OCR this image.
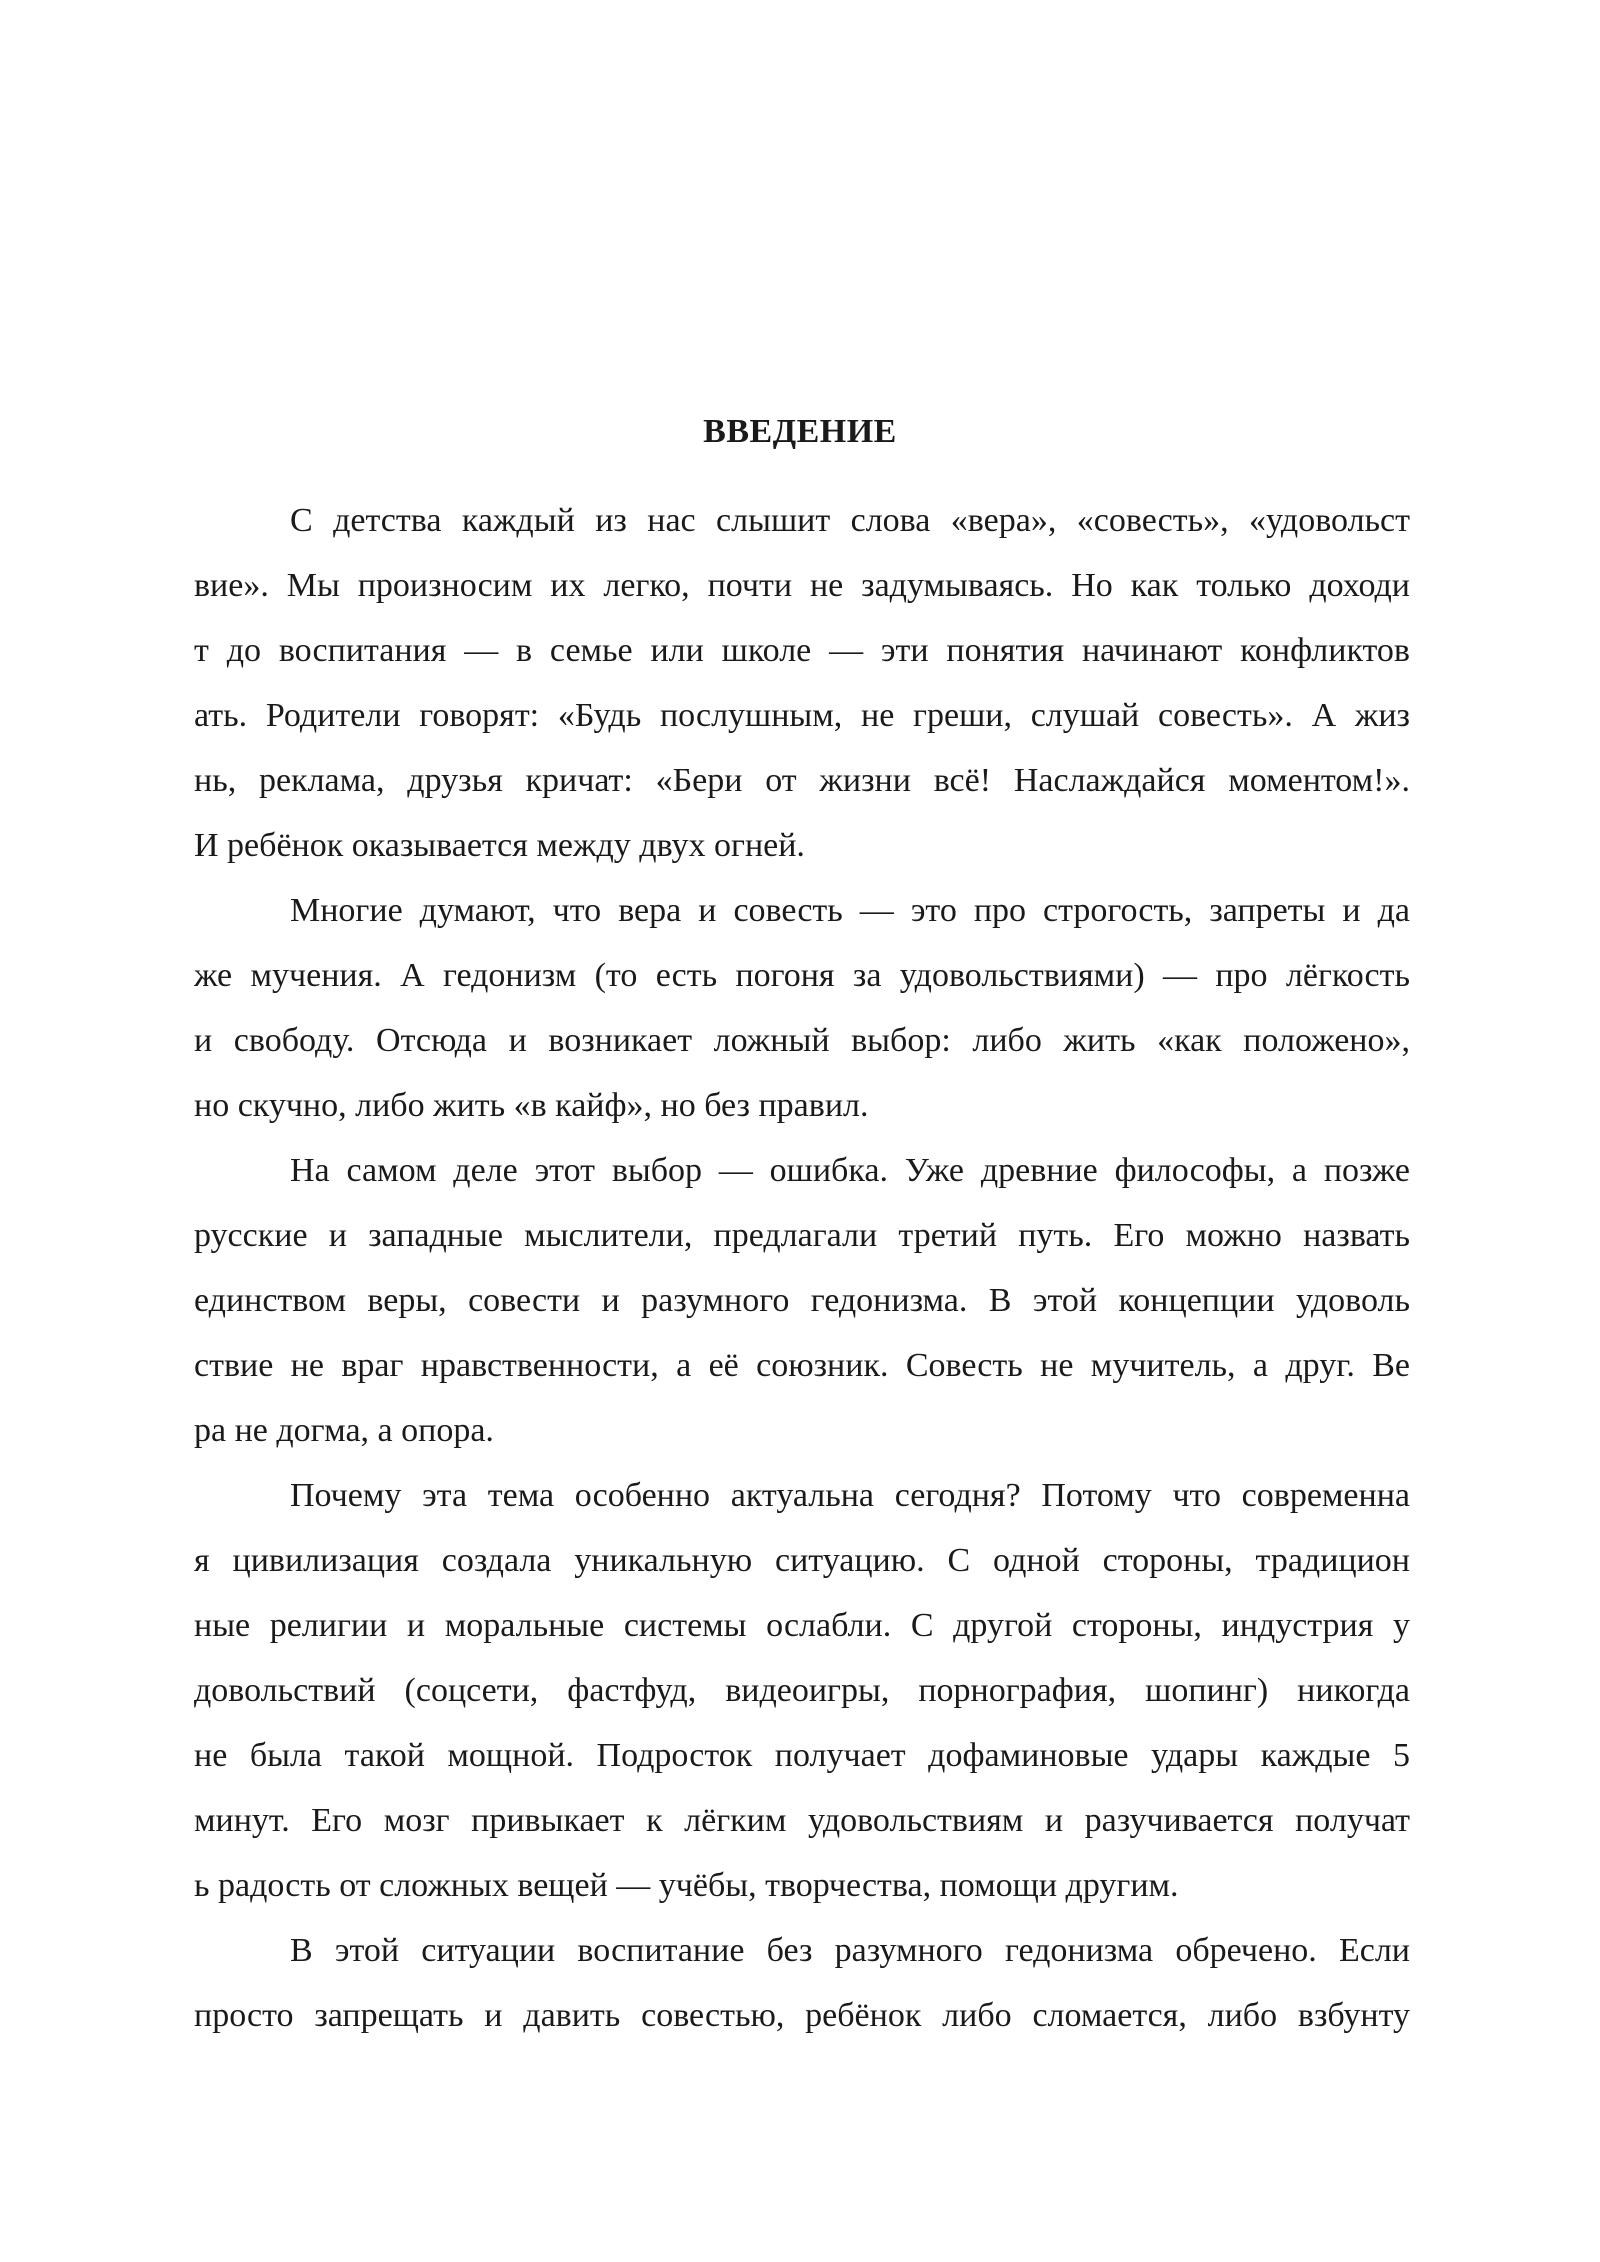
ВВЕДЕНИЕ
С детства каждый из нас слышит слова «вера», «совесть», «удовольст
вие». Мы произносим их легко, почти не задумываясь. Но как только доходи
т до воспитания — в семье или школе — эти понятия начинают конфликтов
ать. Родители говорят: «Будь послушным, не греши, слушай совесть». А жиз
нь, реклама, друзья кричат: «Бери от жизни всё! Наслаждайся моментом!».
И ребёнок оказывается между двух огней.
Многие думают, что вера и совесть — это про строгость, запреты и да
же мучения. А гедонизм (то есть погоня за удовольствиями) — про лёгкость
и свободу. Отсюда и возникает ложный выбор: либо жить «как положено»,
но скучно, либо жить «в кайф», но без правил.
На самом деле этот выбор — ошибка. Уже древние философы, а позже
русские и западные мыслители, предлагали третий путь. Его можно назвать
единством веры, совести и разумного гедонизма. В этой концепции удоволь
ствие не враг нравственности, а её союзник. Совесть не мучитель, а друг. Ве
ра не догма, а опора.
Почему эта тема особенно актуальна сегодня? Потому что современна
я цивилизация создала уникальную ситуацию. С одной стороны, традицион
ные религии и моральные системы ослабли. С другой стороны, индустрия у
довольствий (соцсети, фастфуд, видеоигры, порнография, шопинг) никогда
не была такой мощной. Подросток получает дофаминовые удары каждые 5
минут. Его мозг привыкает к лёгким удовольствиям и разучивается получат
ь радость от сложных вещей — учёбы, творчества, помощи другим.
В этой ситуации воспитание без разумного гедонизма обречено. Если
просто запрещать и давить совестью, ребёнок либо сломается, либо взбунту
